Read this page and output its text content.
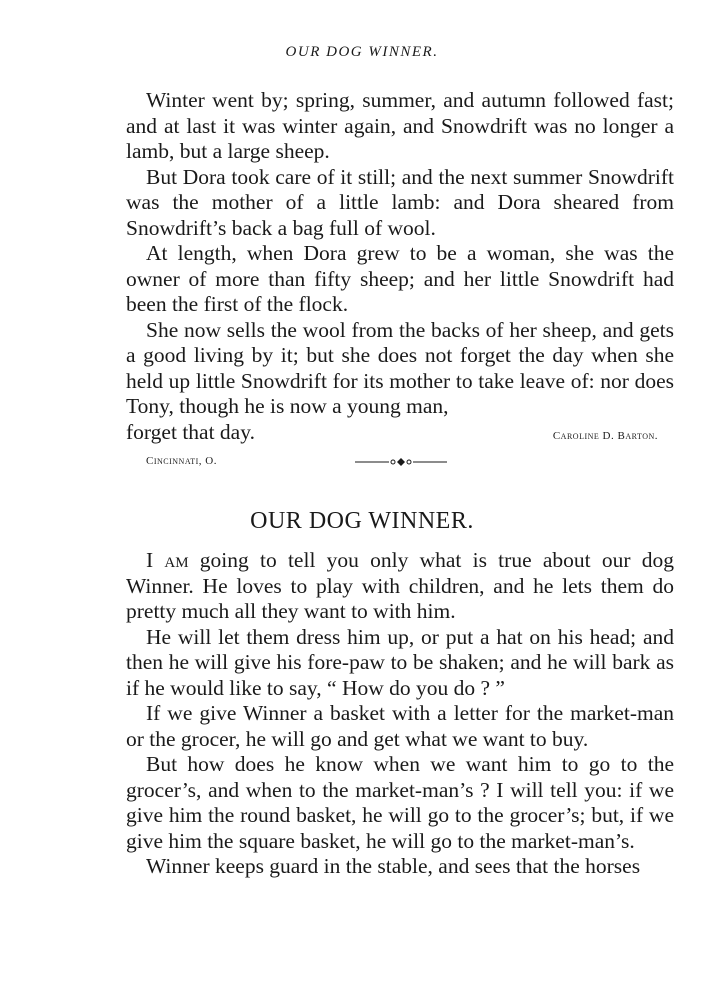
OUR DOG WINNER.

Winter went by; spring, summer, and autumn followed fast; and at last it was winter again, and Snowdrift was no longer a lamb, but a large sheep.

But Dora took care of it still; and the next summer Snowdrift was the mother of a little lamb: and Dora sheared from Snowdrift’s back a bag full of wool.

At length, when Dora grew to be a woman, she was the owner of more than fifty sheep; and her little Snowdrift had been the first of the flock.

She now sells the wool from the backs of her sheep, and gets a good living by it; but she does not forget the day when she held up little Snowdrift for its mother to take leave of: nor does Tony, though he is now a young man,

forget that day.	Caroline D. Barton.
Cincinnati, O.
OUR DOG WINNER.

I am going to tell you only what is true about our dog Winner. He loves to play with children, and he lets them do pretty much all they want to with him.

He will let them dress him up, or put a hat on his head; and then he will give his fore-paw to be shaken; and he will bark as if he would like to say, “ How do you do ? ”

If we give Winner a basket with a letter for the market-man or the grocer, he will go and get what we want to buy.

But how does he know when we want him to go to the grocer’s, and when to the market-man’s ? I will tell you: if we give him the round basket, he will go to the grocer’s; but, if we give him the square basket, he will go to the market-man’s.

Winner keeps guard in the stable, and sees that the horses
